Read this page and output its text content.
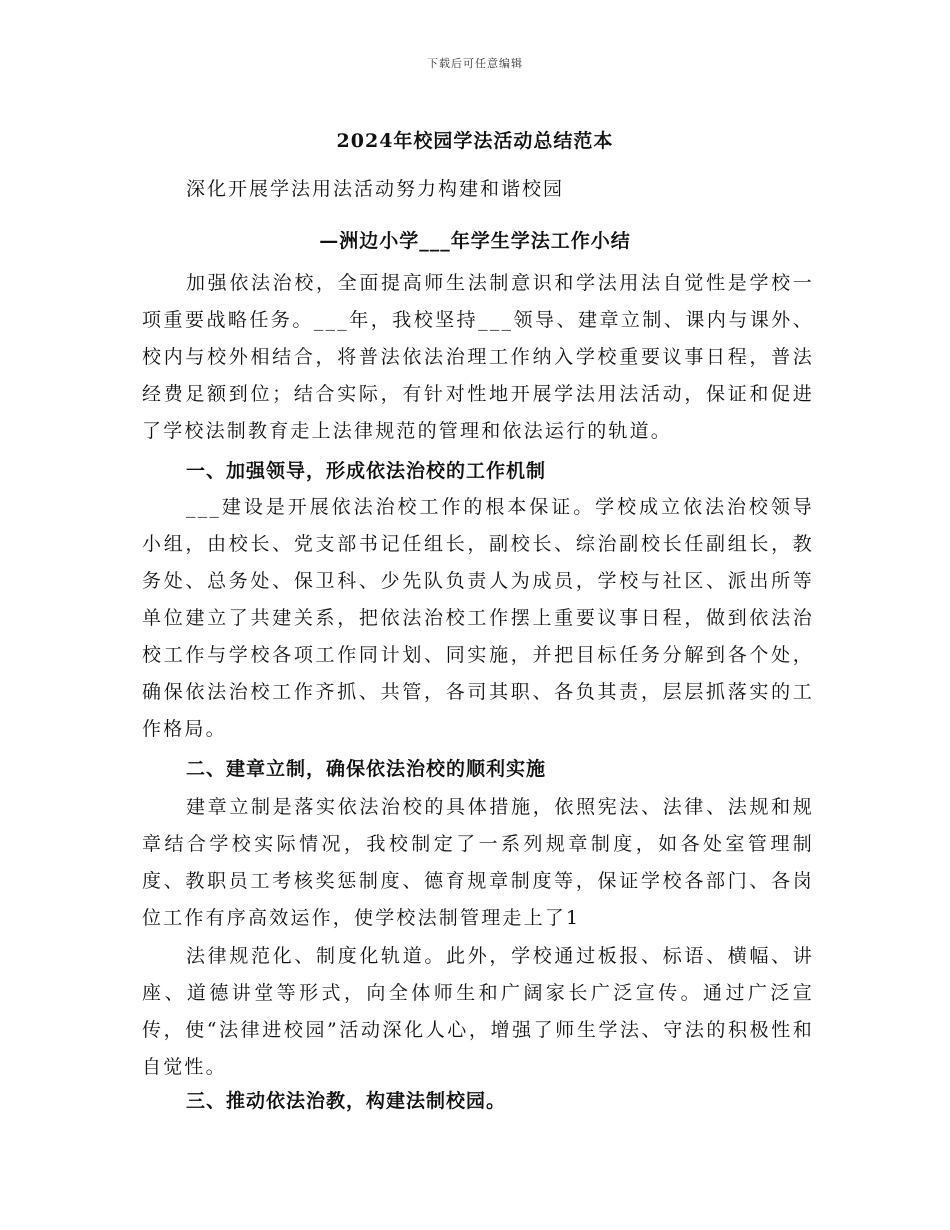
下载后可任意编辑
2024年校园学法活动总结范本
深化开展学法用法活动努力构建和谐校园
—洲边小学___年学生学法工作小结

加强依法治校，全面提高师生法制意识和学法用法自觉性是学校一项重要战略任务。___年，我校坚持___领导、建章立制、课内与课外、校内与校外相结合，将普法依法治理工作纳入学校重要议事日程，普法经费足额到位；结合实际，有针对性地开展学法用法活动，保证和促进了学校法制教育走上法律规范的管理和依法运行的轨道。

一、加强领导，形成依法治校的工作机制

___建设是开展依法治校工作的根本保证。学校成立依法治校领导小组，由校长、党支部书记任组长，副校长、综治副校长任副组长，教务处、总务处、保卫科、少先队负责人为成员，学校与社区、派出所等单位建立了共建关系，把依法治校工作摆上重要议事日程，做到依法治校工作与学校各项工作同计划、同实施，并把目标任务分解到各个处，确保依法治校工作齐抓、共管，各司其职、各负其责，层层抓落实的工作格局。

二、建章立制，确保依法治校的顺利实施

建章立制是落实依法治校的具体措施，依照宪法、法律、法规和规章结合学校实际情况，我校制定了一系列规章制度，如各处室管理制度、教职员工考核奖惩制度、德育规章制度等，保证学校各部门、各岗位工作有序高效运作，使学校法制管理走上了1

法律规范化、制度化轨道。此外，学校通过板报、标语、横幅、讲座、道德讲堂等形式，向全体师生和广阔家长广泛宣传。通过广泛宣传，使“法律进校园”活动深化人心，增强了师生学法、守法的积极性和自觉性。

三、推动依法治教，构建法制校园。
